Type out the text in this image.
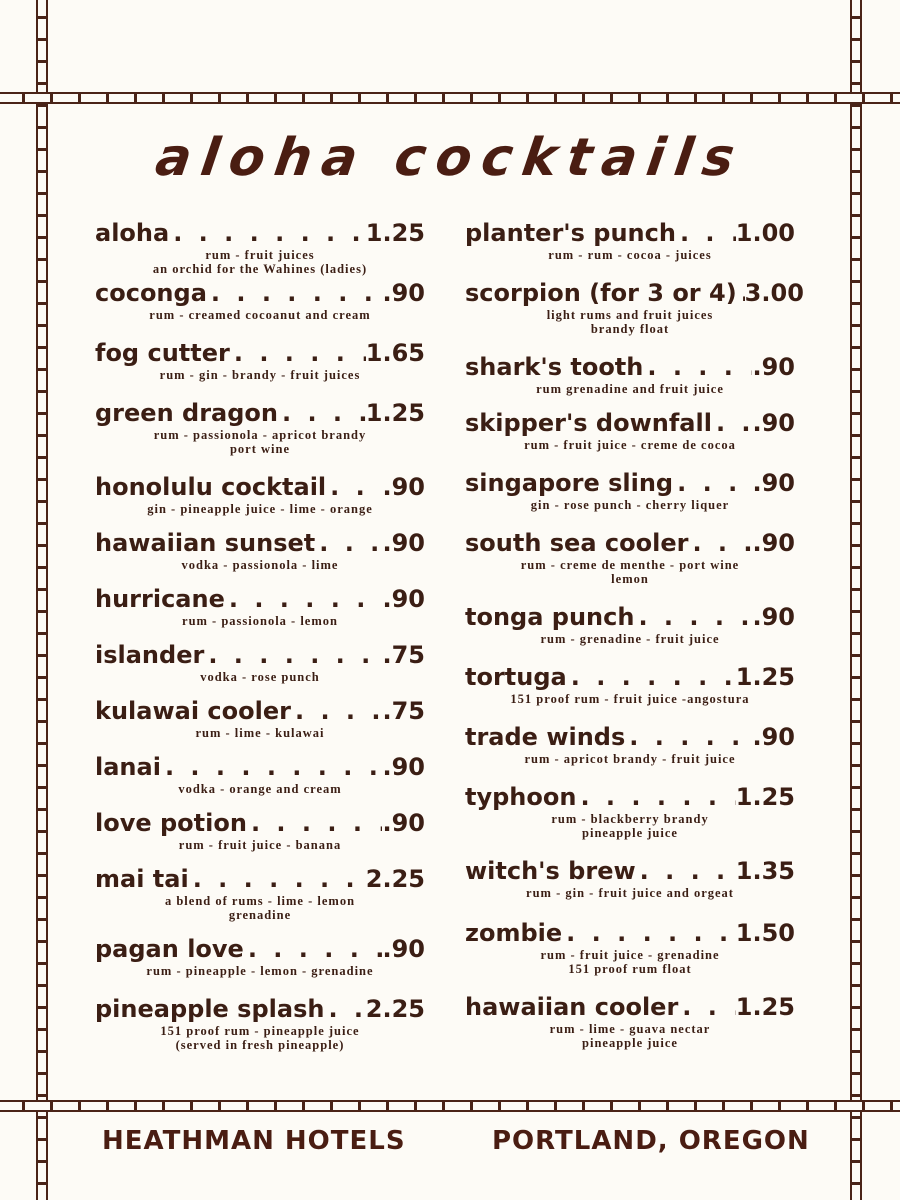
aloha cocktails
aloha . . .	1.25
rum - fruit juices
an orchid for the Wahines (ladies)
coconga . . .	.90
rum - creamed cocoanut and cream
fog cutter . . .	1.65
rum - gin - brandy - fruit juices
green dragon . . .	1.25
rum - passionola - apricot brandy
port wine
honolulu cocktail . . . .90
gin - pineapple juice - lime - orange
hawaiian sunset . . .	.90
vodka - passionola - lime
hurricane . . .	.90
rum - passionola - lemon
islander . . .	.75
vodka - rose punch
kulawai cooler . . .	.75
rum - lime - kulawai
lanai . . .	.90
vodka - orange and cream
love potion . . .	.90
rum - fruit juice - banana
mai tai . . .	2.25
a blend of rums - lime - lemon
grenadine
pagan love . . .	.90
rum - pineapple - lemon - grenadine
pineapple splash . . . 2.25
151 proof rum - pineapple juice
(served in fresh pineapple)
planter's punch . . . 1.00
rum - rum - cocoa - juices
scorpion (for 3 or 4) . . . 3.00
light rums and fruit juices
brandy float
shark's tooth . . .	.90
rum grenadine and fruit juice
skipper's downfall . . . .90
rum - fruit juice - creme de cocoa
singapore sling . . .	.90
gin - rose punch - cherry liquer
south sea cooler . . .	.90
rum - creme de menthe - port wine
lemon
tonga punch . . .	.90
rum - grenadine - fruit juice
tortuga . . .	1.25
151 proof rum - fruit juice -angostura
trade winds . . .	.90
rum - apricot brandy - fruit juice
typhoon . . .	1.25
rum - blackberry brandy
pineapple juice
witch's brew . . .	1.35
rum - gin - fruit juice and orgeat
zombie . . .	1.50
rum - fruit juice - grenadine
151 proof rum float
hawaiian cooler . . . 1.25
rum - lime - guava nectar
pineapple juice
HEATHMAN HOTELS	PORTLAND, OREGON
